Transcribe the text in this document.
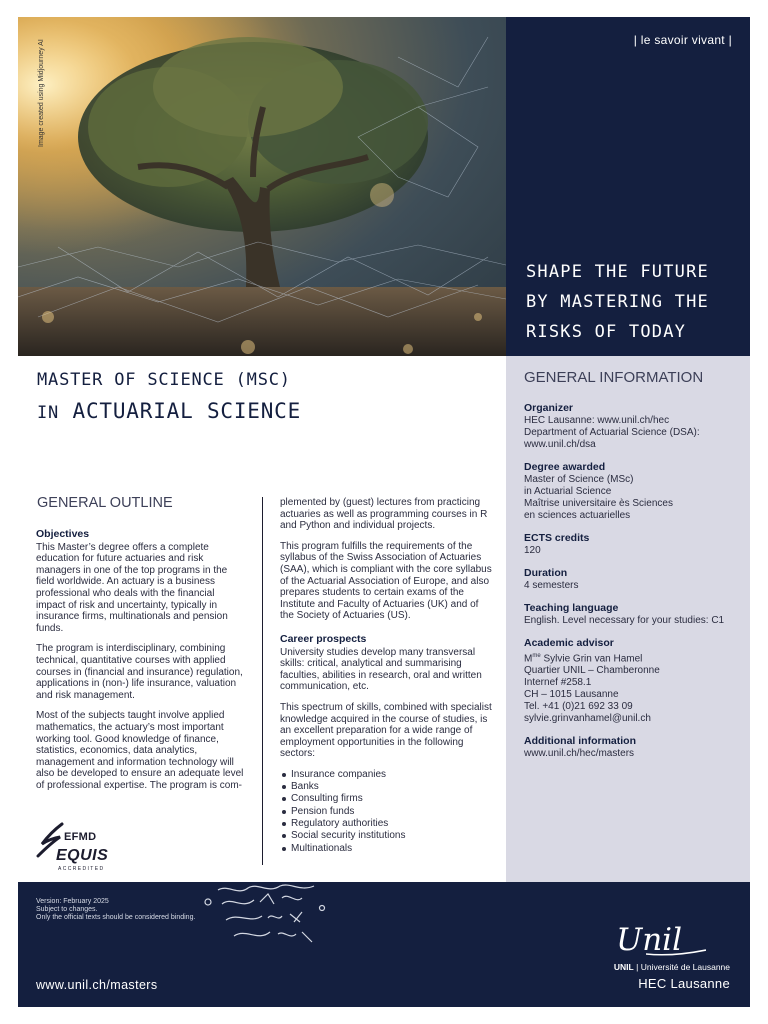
Image created using Midjourney AI	| le savoir vivant |
SHAPE THE FUTURE
BY MASTERING THE
RISKS OF TODAY
MASTER OF SCIENCE (MSC)
IN ACTUARIAL SCIENCE
GENERAL OUTLINE
Objectives

This Master’s degree offers a complete education for future actuaries and risk managers in one of the top programs in the field worldwide. An actuary is a business professional who deals with the financial impact of risk and uncertainty, typically in insurance firms, multinationals and pension funds.

The program is interdisciplinary, combining technical, quantitative courses with applied courses in (financial and insurance) regulation, applications in (non-) life insurance, valuation and risk management.

Most of the subjects taught involve applied mathematics, the actuary’s most important working tool. Good knowledge of finance, statistics, economics, data analytics, management and information technology will also be developed to ensure an adequate level of professional expertise. The program is com-

plemented by (guest) lectures from practicing actuaries as well as programming courses in R and Python and individual projects.

This program fulfills the requirements of the syllabus of the Swiss Association of Actuaries (SAA), which is compliant with the core syllabus of the Actuarial Association of Europe, and also prepares students to certain exams of the Institute and Faculty of Actuaries (UK) and of the Society of Actuaries (US).

Career prospects

University studies develop many transversal skills: critical, analytical and summarising faculties, abilities in research, oral and written communication, etc.

This spectrum of skills, combined with specialist knowledge acquired in the course of studies, is an excellent preparation for a wide range of employment opportunities in the following sectors:

Insurance companies
Banks
Consulting firms
Pension funds
Regulatory authorities
Social security institutions
Multinationals
EFMD
EQUIS
ACCREDITED
GENERAL INFORMATION
Organizer
HEC Lausanne: www.unil.ch/hec
Department of Actuarial Science (DSA):
www.unil.ch/dsa
Degree awarded
Master of Science (MSc)
in Actuarial Science
Maîtrise universitaire ès Sciences
en sciences actuarielles
ECTS credits
120
Duration
4 semesters
Teaching language
English. Level necessary for your studies: C1
Academic advisor
$M^{me}$ Sylvie Grin van Hamel
Quartier UNIL – Chamberonne
Internef #258.1
CH – 1015 Lausanne
Tel. +41 (0)21 692 33 09
sylvie.grinvanhamel@unil.ch
Additional information
www.unil.ch/hec/masters
Version: February 2025
Subject to changes.
Only the official texts should be considered binding.
www.unil.ch/masters
Unil
UNIL | Université de Lausanne
HEC Lausanne
